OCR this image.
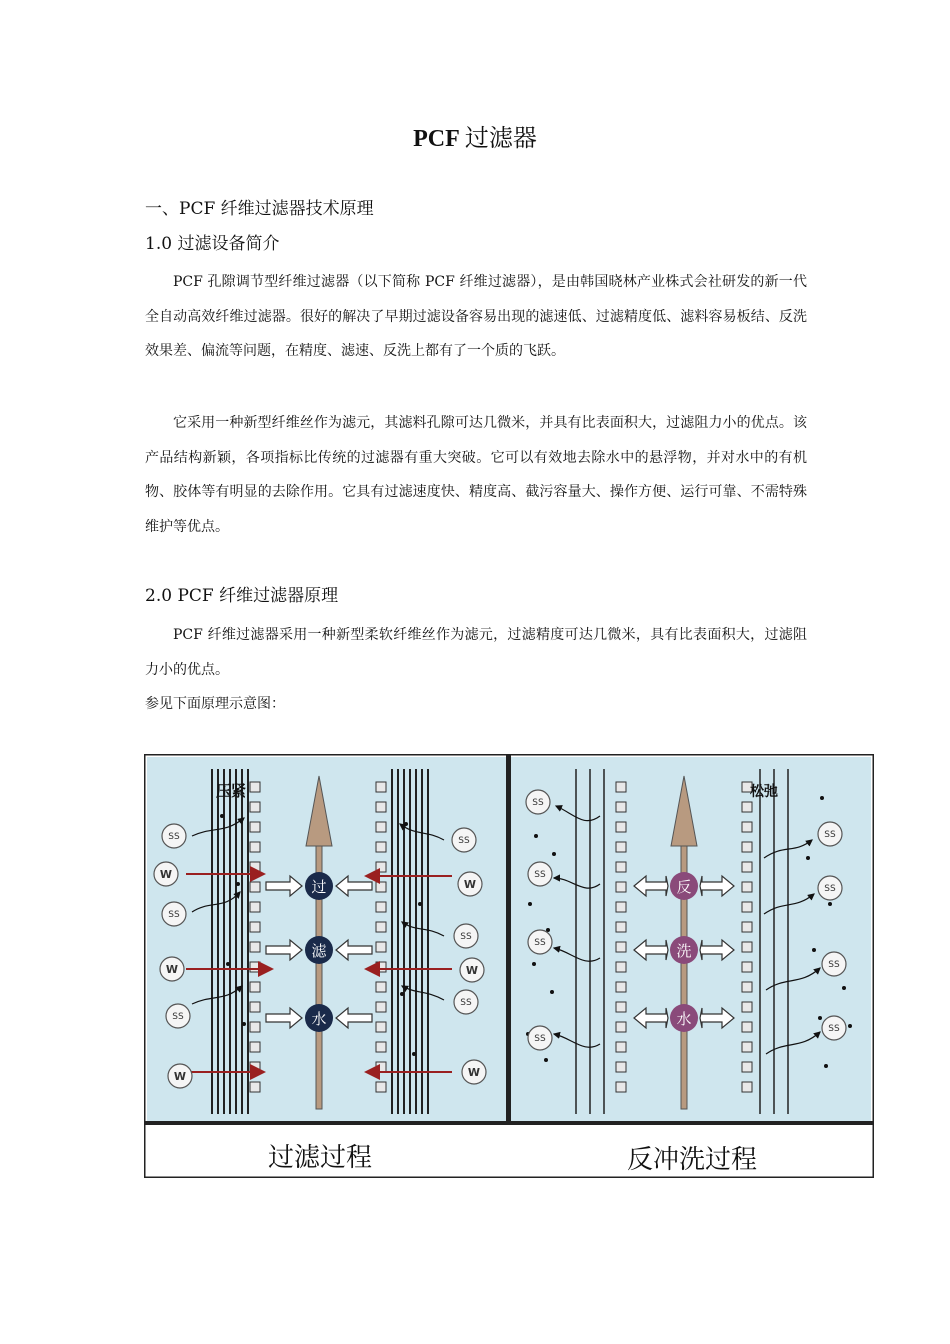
PCF 过滤器
一、PCF 纤维过滤器技术原理
1.0 过滤设备简介
PCF 孔隙调节型纤维过滤器（以下简称 PCF 纤维过滤器），是由韩国晓林产业株式会社研发的新一代全自动高效纤维过滤器。很好的解决了早期过滤设备容易出现的滤速低、过滤精度低、滤料容易板结、反洗效果差、偏流等问题，在精度、滤速、反洗上都有了一个质的飞跃。
它采用一种新型纤维丝作为滤元，其滤料孔隙可达几微米，并具有比表面积大，过滤阻力小的优点。该产品结构新颖，各项指标比传统的过滤器有重大突破。它可以有效地去除水中的悬浮物，并对水中的有机物、胶体等有明显的去除作用。它具有过滤速度快、精度高、截污容量大、操作方便、运行可靠、不需特殊维护等优点。
2.0 PCF 纤维过滤器原理
PCF 纤维过滤器采用一种新型柔软纤维丝作为滤元，过滤精度可达几微米，具有比表面积大，过滤阻力小的优点。
参见下面原理示意图：
压紧
过
滤
水
SS
W
SS
W
SS
W
SS
W
SS
W
SS
W
松弛
反
洗
水
SS
SS
SS
SS
SS
SS
SS
SS
过滤过程	反冲洗过程
